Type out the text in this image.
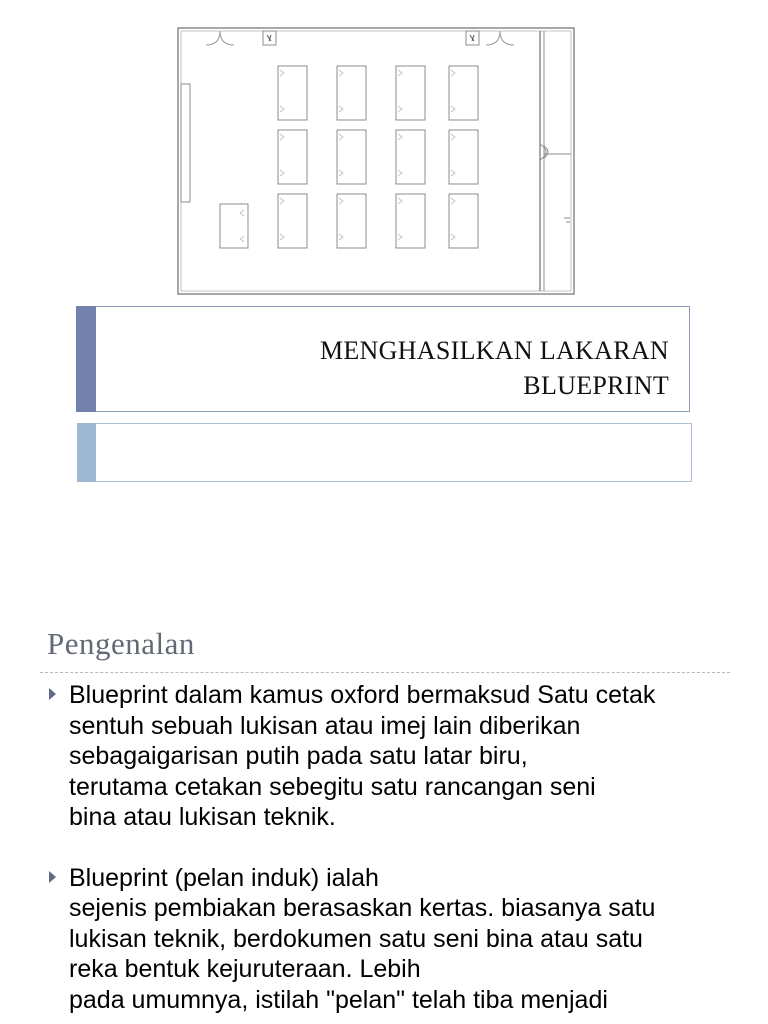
MENGHASILKAN LAKARAN
BLUEPRINT
Pengenalan
Blueprint dalam kamus oxford bermaksud Satu cetak
sentuh sebuah lukisan atau imej lain diberikan
sebagaigarisan putih pada satu latar biru,
terutama cetakan sebegitu satu rancangan seni
bina atau lukisan teknik.
Blueprint (pelan induk) ialah
sejenis pembiakan berasaskan kertas. biasanya satu
lukisan teknik, berdokumen satu seni bina atau satu
reka bentuk kejuruteraan. Lebih
pada umumnya, istilah "pelan" telah tiba menjadi
